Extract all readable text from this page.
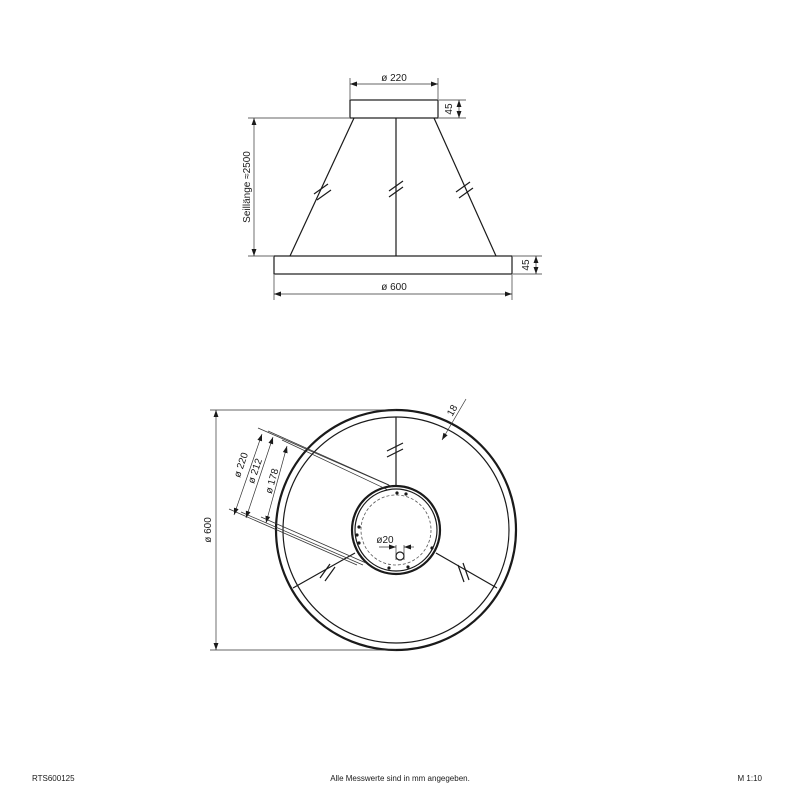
ø 220
45
Seillänge ≈2500
45
ø 600
ø 600
18
ø 220
ø 212
ø 178
ø20
RTS600125	Alle Messwerte sind in mm angegeben.	M 1:10
